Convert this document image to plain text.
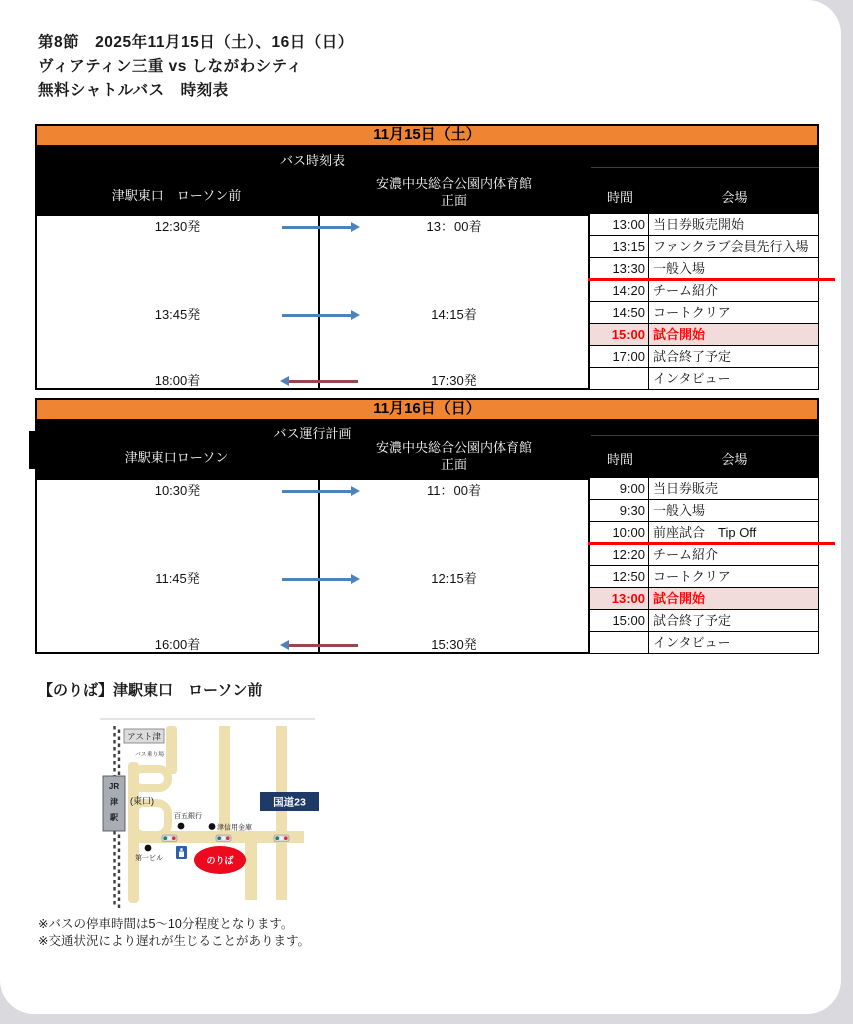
第8節　2025年11月15日（土）、16日（日）
ヴィアティン三重 vs しながわシティ
無料シャトルバス　時刻表
11月15日（土）
バス時刻表
津駅東口　ローソン前
安濃中央総合公園内体育館
正面	時間	会場
12:30発	13：00着
13:45発	14:15着
18:00着	17:30発
13:00 当日券販売開始
13:15 ファンクラブ会員先行入場
13:30 一般入場
14:20 チーム紹介
14:50 コートクリア
15:00 試合開始
17:00 試合終了予定
インタビュー
11月16日（日）
バス運行計画
津駅東口ローソン
安濃中央総合公園内体育館
正面	時間	会場
10:30発	11：00着
11:45発	12:15着
16:00着	15:30発
9:00 当日券販売
9:30 一般入場
10:00 前座試合　Tip Off
12:20 チーム紹介
12:50 コートクリア
13:00 試合開始
15:00 試合終了予定
インタビュー
【のりば】津駅東口　ローソン前
アスト津
バス乗り場
JR 津駅
(東口)
百五銀行
津信用金庫
国道23
第一ビル	のりば
※バスの停車時間は5～10分程度となります。
※交通状況により遅れが生じることがあります。
